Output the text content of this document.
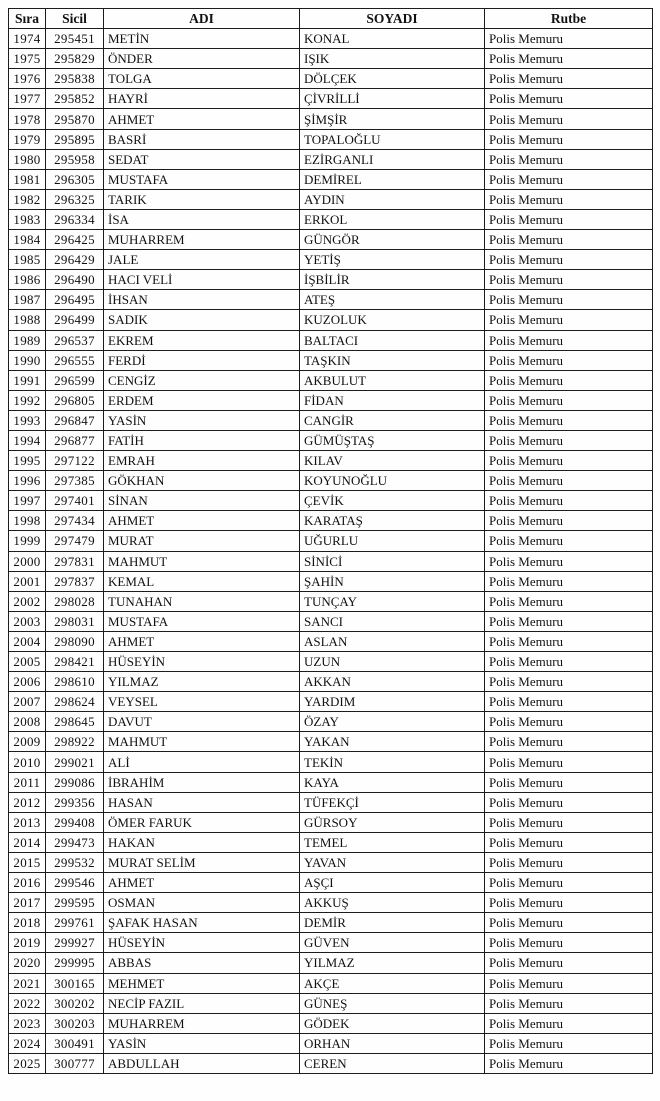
Sıra	Sicil	ADI	SOYADI	Rutbe
1974	295451	METİN	KONAL	Polis Memuru
1975	295829	ÖNDER	IŞIK	Polis Memuru
1976	295838	TOLGA	DÖLÇEK	Polis Memuru
1977	295852	HAYRİ	ÇİVRİLLİ	Polis Memuru
1978	295870	AHMET	ŞİMŞİR	Polis Memuru
1979	295895	BASRİ	TOPALOĞLU	Polis Memuru
1980	295958	SEDAT	EZİRGANLI	Polis Memuru
1981	296305	MUSTAFA	DEMİREL	Polis Memuru
1982	296325	TARIK	AYDIN	Polis Memuru
1983	296334	İSA	ERKOL	Polis Memuru
1984	296425	MUHARREM	GÜNGÖR	Polis Memuru
1985	296429	JALE	YETİŞ	Polis Memuru
1986	296490	HACI VELİ	İŞBİLİR	Polis Memuru
1987	296495	İHSAN	ATEŞ	Polis Memuru
1988	296499	SADIK	KUZOLUK	Polis Memuru
1989	296537	EKREM	BALTACI	Polis Memuru
1990	296555	FERDİ	TAŞKIN	Polis Memuru
1991	296599	CENGİZ	AKBULUT	Polis Memuru
1992	296805	ERDEM	FİDAN	Polis Memuru
1993	296847	YASİN	CANGİR	Polis Memuru
1994	296877	FATİH	GÜMÜŞTAŞ	Polis Memuru
1995	297122	EMRAH	KILAV	Polis Memuru
1996	297385	GÖKHAN	KOYUNOĞLU	Polis Memuru
1997	297401	SİNAN	ÇEVİK	Polis Memuru
1998	297434	AHMET	KARATAŞ	Polis Memuru
1999	297479	MURAT	UĞURLU	Polis Memuru
2000	297831	MAHMUT	SİNİCİ	Polis Memuru
2001	297837	KEMAL	ŞAHİN	Polis Memuru
2002	298028	TUNAHAN	TUNÇAY	Polis Memuru
2003	298031	MUSTAFA	SANCI	Polis Memuru
2004	298090	AHMET	ASLAN	Polis Memuru
2005	298421	HÜSEYİN	UZUN	Polis Memuru
2006	298610	YILMAZ	AKKAN	Polis Memuru
2007	298624	VEYSEL	YARDIM	Polis Memuru
2008	298645	DAVUT	ÖZAY	Polis Memuru
2009	298922	MAHMUT	YAKAN	Polis Memuru
2010	299021	ALİ	TEKİN	Polis Memuru
2011	299086	İBRAHİM	KAYA	Polis Memuru
2012	299356	HASAN	TÜFEKÇİ	Polis Memuru
2013	299408	ÖMER FARUK	GÜRSOY	Polis Memuru
2014	299473	HAKAN	TEMEL	Polis Memuru
2015	299532	MURAT SELİM	YAVAN	Polis Memuru
2016	299546	AHMET	AŞÇI	Polis Memuru
2017	299595	OSMAN	AKKUŞ	Polis Memuru
2018	299761	ŞAFAK HASAN	DEMİR	Polis Memuru
2019	299927	HÜSEYİN	GÜVEN	Polis Memuru
2020	299995	ABBAS	YILMAZ	Polis Memuru
2021	300165	MEHMET	AKÇE	Polis Memuru
2022	300202	NECİP FAZIL	GÜNEŞ	Polis Memuru
2023	300203	MUHARREM	GÖDEK	Polis Memuru
2024	300491	YASİN	ORHAN	Polis Memuru
2025	300777	ABDULLAH	CEREN	Polis Memuru
